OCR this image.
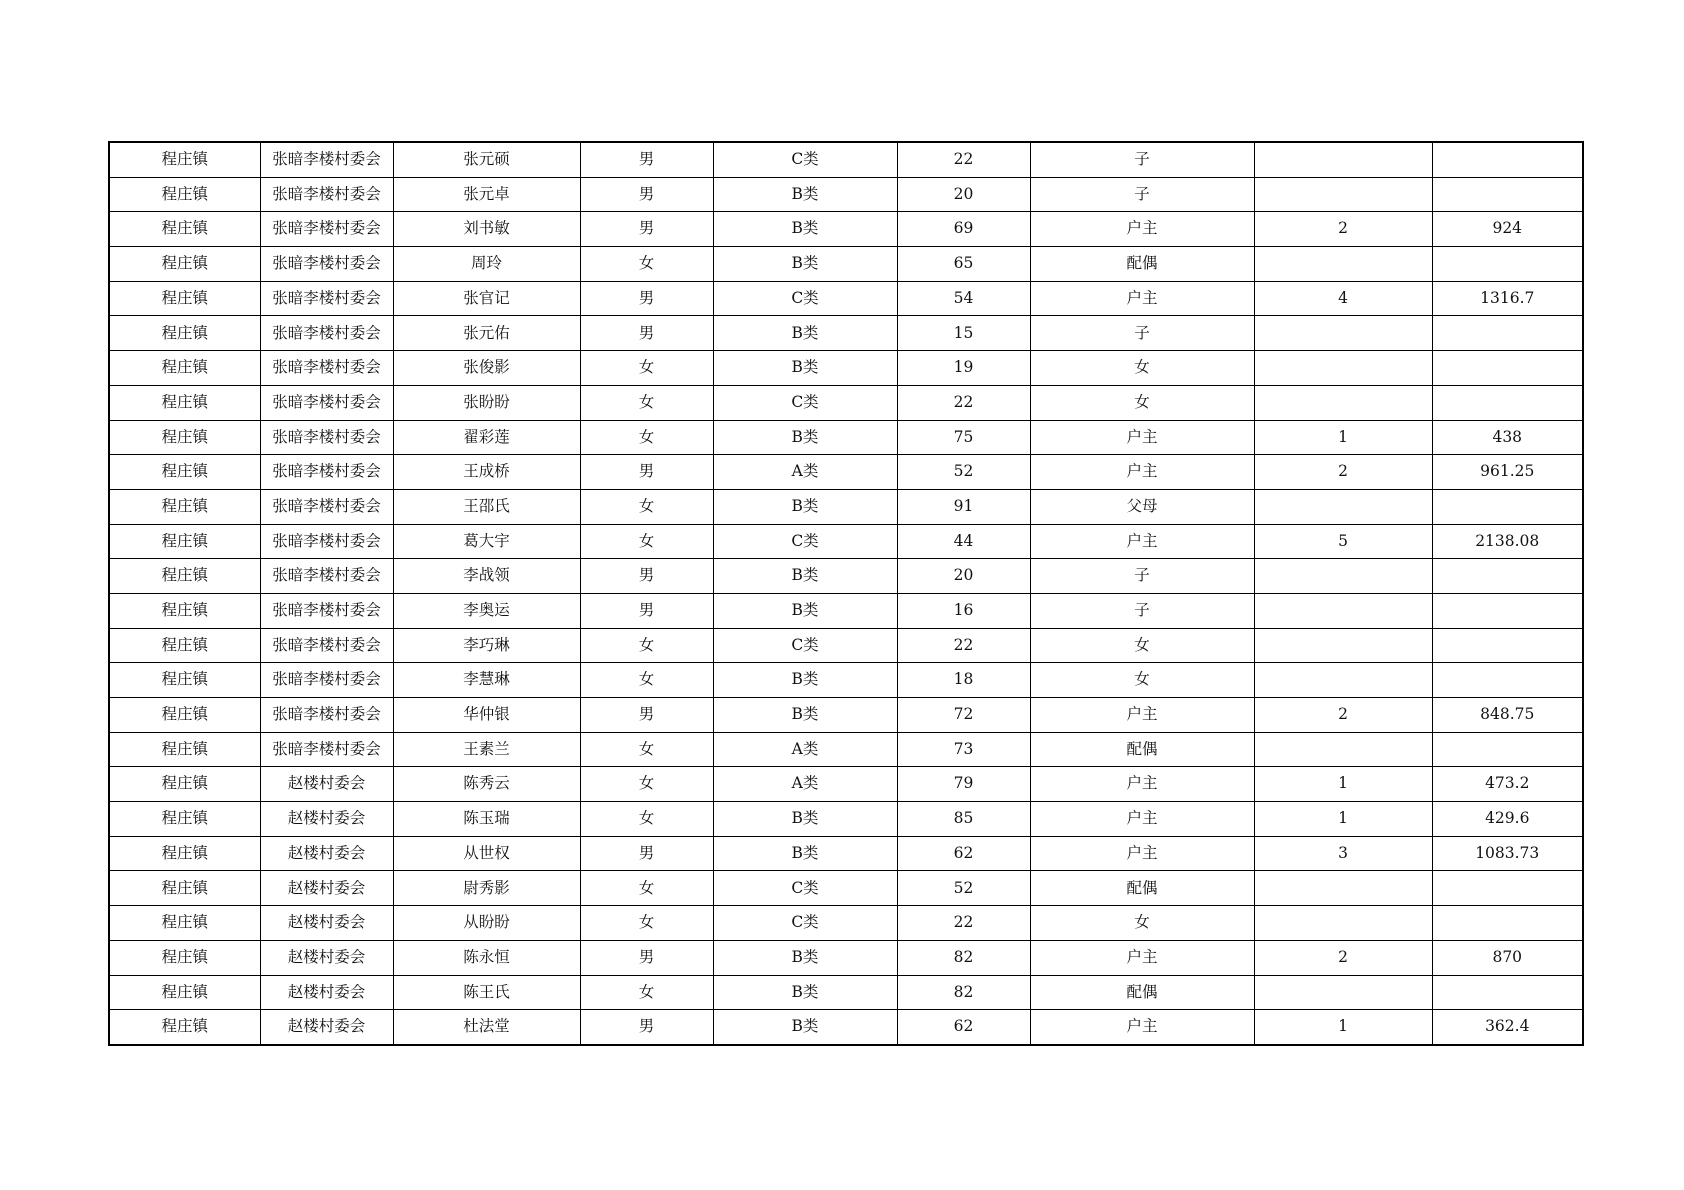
程庄镇	张暗李楼村委会	张元硕	男	C类	22	子		
程庄镇	张暗李楼村委会	张元卓	男	B类	20	子		
程庄镇	张暗李楼村委会	刘书敏	男	B类	69	户主	2	924
程庄镇	张暗李楼村委会	周玲	女	B类	65	配偶		
程庄镇	张暗李楼村委会	张官记	男	C类	54	户主	4	1316.7
程庄镇	张暗李楼村委会	张元佑	男	B类	15	子		
程庄镇	张暗李楼村委会	张俊影	女	B类	19	女		
程庄镇	张暗李楼村委会	张盼盼	女	C类	22	女		
程庄镇	张暗李楼村委会	翟彩莲	女	B类	75	户主	1	438
程庄镇	张暗李楼村委会	王成桥	男	A类	52	户主	2	961.25
程庄镇	张暗李楼村委会	王邵氏	女	B类	91	父母		
程庄镇	张暗李楼村委会	葛大宇	女	C类	44	户主	5	2138.08
程庄镇	张暗李楼村委会	李战领	男	B类	20	子		
程庄镇	张暗李楼村委会	李奥运	男	B类	16	子		
程庄镇	张暗李楼村委会	李巧琳	女	C类	22	女		
程庄镇	张暗李楼村委会	李慧琳	女	B类	18	女		
程庄镇	张暗李楼村委会	华仲银	男	B类	72	户主	2	848.75
程庄镇	张暗李楼村委会	王素兰	女	A类	73	配偶		
程庄镇	赵楼村委会	陈秀云	女	A类	79	户主	1	473.2
程庄镇	赵楼村委会	陈玉瑞	女	B类	85	户主	1	429.6
程庄镇	赵楼村委会	从世权	男	B类	62	户主	3	1083.73
程庄镇	赵楼村委会	尉秀影	女	C类	52	配偶		
程庄镇	赵楼村委会	从盼盼	女	C类	22	女		
程庄镇	赵楼村委会	陈永恒	男	B类	82	户主	2	870
程庄镇	赵楼村委会	陈王氏	女	B类	82	配偶		
程庄镇	赵楼村委会	杜法堂	男	B类	62	户主	1	362.4
